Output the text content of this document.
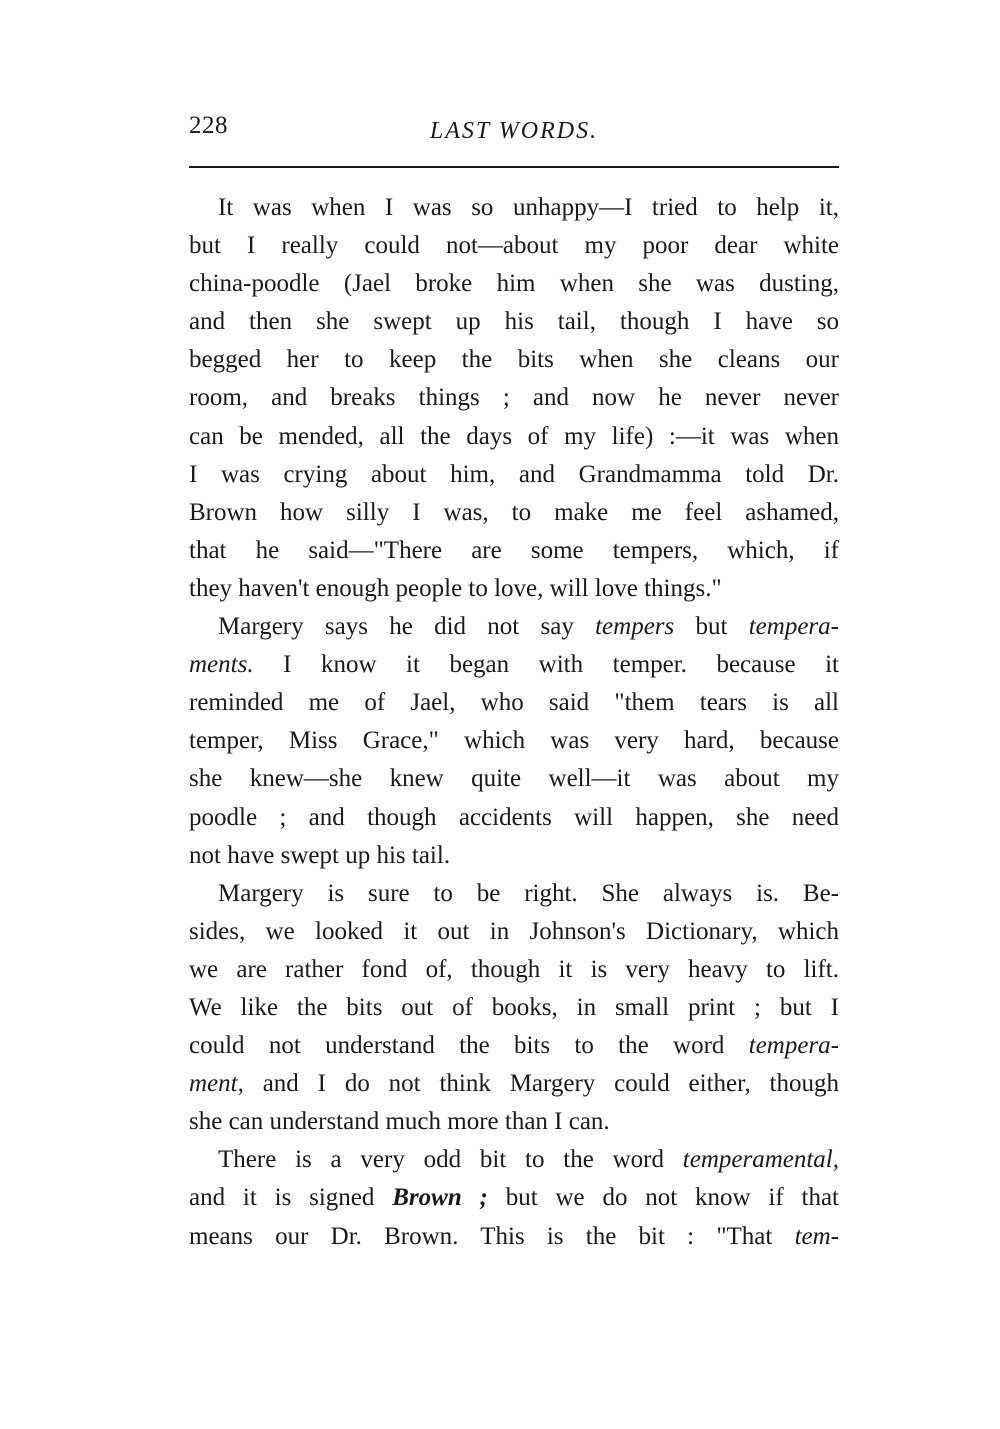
228	LAST WORDS.
It was when I was so unhappy—I tried to help it,
but I really could not—about my poor dear white
china-poodle (Jael broke him when she was dusting,
and then she swept up his tail, though I have so
begged her to keep the bits when she cleans our
room, and breaks things ; and now he never never
can be mended, all the days of my life) :—it was when
I was crying about him, and Grandmamma told Dr.
Brown how silly I was, to make me feel ashamed,
that he said—"There are some tempers, which, if
they haven't enough people to love, will love things."
Margery says he did not say tempers but tempera-
ments. I know it began with temper. because it
reminded me of Jael, who said "them tears is all
temper, Miss Grace," which was very hard, because
she knew—she knew quite well—it was about my
poodle ; and though accidents will happen, she need
not have swept up his tail.
Margery is sure to be right. She always is. Be-
sides, we looked it out in Johnson's Dictionary, which
we are rather fond of, though it is very heavy to lift.
We like the bits out of books, in small print ; but I
could not understand the bits to the word tempera-
ment, and I do not think Margery could either, though
she can understand much more than I can.
There is a very odd bit to the word temperamental,
and it is signed Brown ; but we do not know if that
means our Dr. Brown. This is the bit : "That tem-
